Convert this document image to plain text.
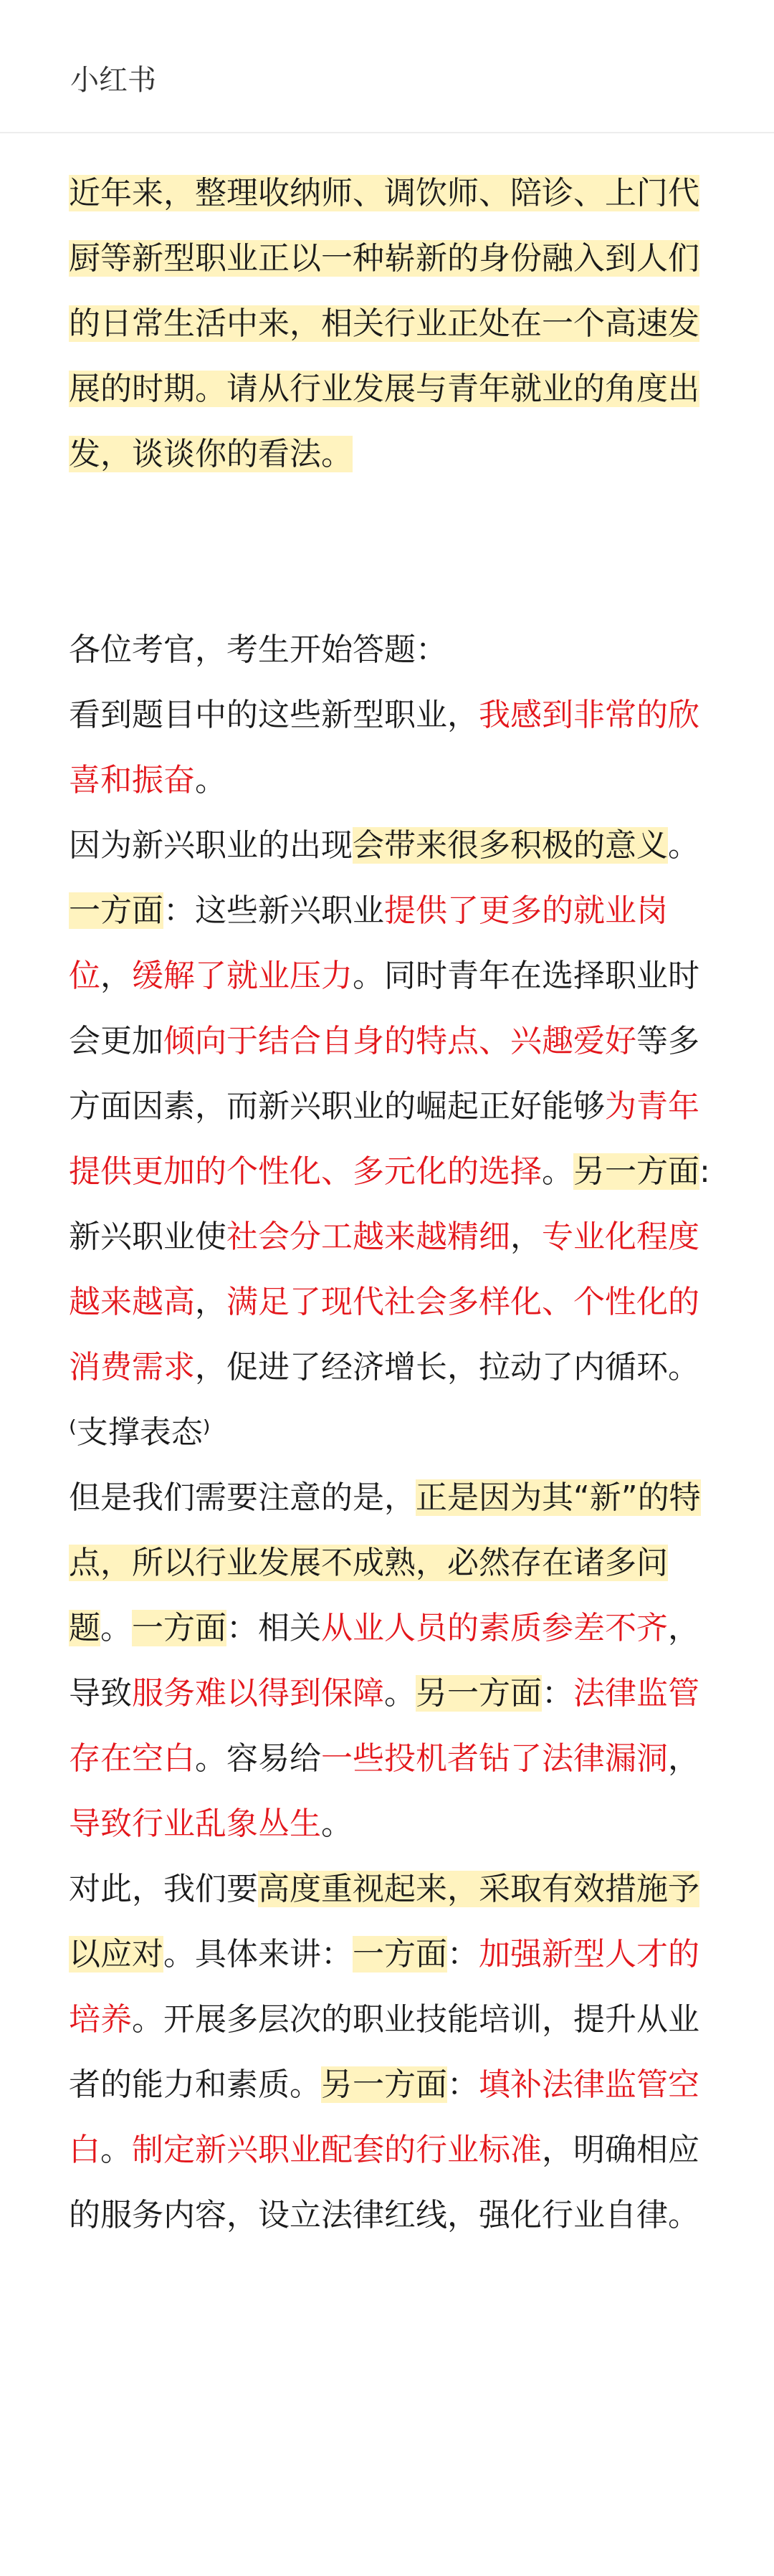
小红书

近年来，整理收纳师、调饮师、陪诊、上门代厨等新型职业正以一种崭新的身份融入到人们的日常生活中来，相关行业正处在一个高速发展的时期。请从行业发展与青年就业的角度出发，谈谈你的看法。

各位考官，考生开始答题：

看到题目中的这些新型职业，我感到非常的欣喜和振奋。

因为新兴职业的出现会带来很多积极的意义。

一方面：这些新兴职业提供了更多的就业岗位，缓解了就业压力。同时青年在选择职业时会更加倾向于结合自身的特点、兴趣爱好等多方面因素，而新兴职业的崛起正好能够为青年提供更加的个性化、多元化的选择。另一方面:新兴职业使社会分工越来越精细，专业化程度越来越高，满足了现代社会多样化、个性化的消费需求，促进了经济增长，拉动了内循环。⁽支撑表态⁾

但是我们需要注意的是，正是因为其“新”的特点，所以行业发展不成熟，必然存在诸多问题。一方面：相关从业人员的素质参差不齐，导致服务难以得到保障。另一方面：法律监管存在空白。容易给一些投机者钻了法律漏洞，导致行业乱象丛生。

对此，我们要高度重视起来，采取有效措施予以应对。具体来讲：一方面：加强新型人才的培养。开展多层次的职业技能培训，提升从业者的能力和素质。另一方面：填补法律监管空白。制定新兴职业配套的行业标准，明确相应的服务内容，设立法律红线，强化行业自律。
